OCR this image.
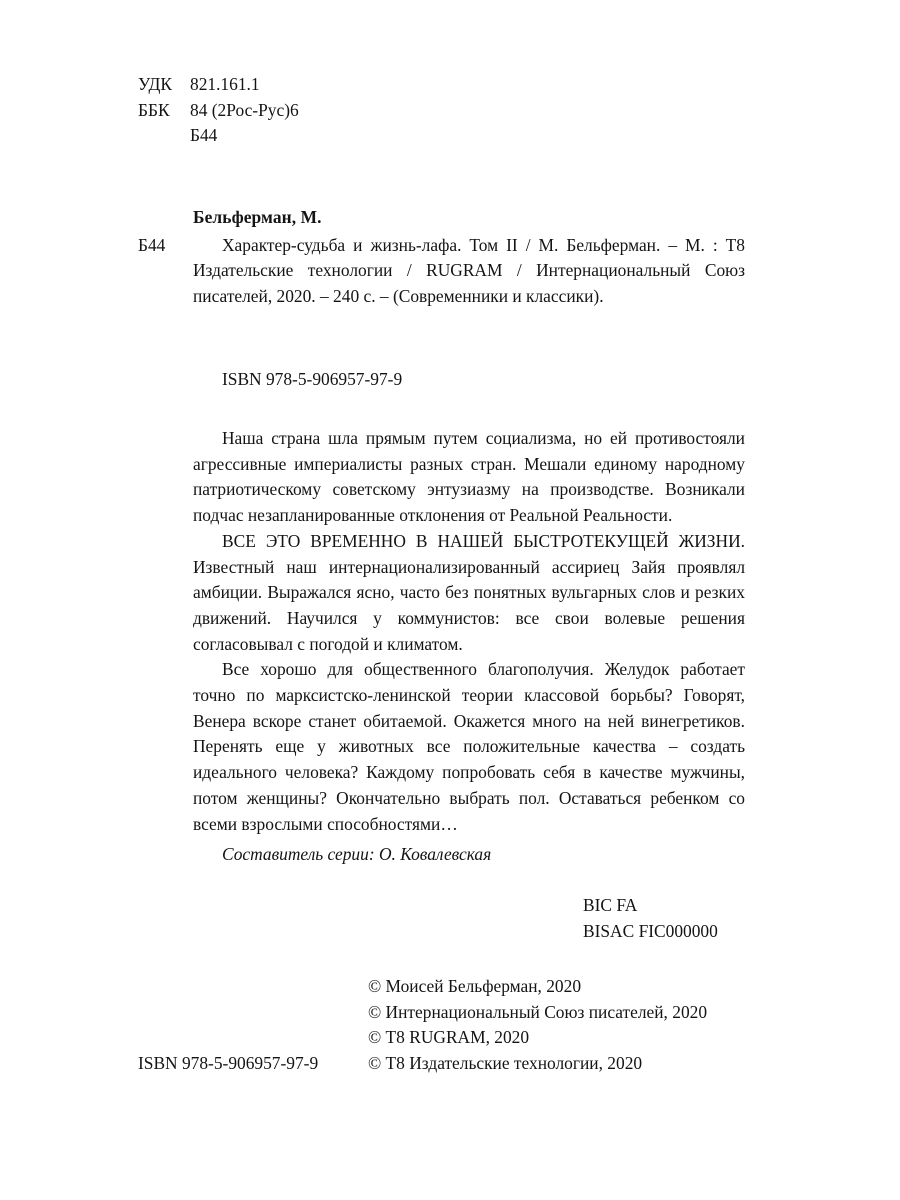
УДК	821.161.1
ББК	84 (2Рос-Рус)6
Б44
Бельферман, М.
Б44	Характер-судьба и жизнь-лафа. Том II / М. Бельферман. – М. : Т8 Издательские технологии / RUGRAM / Интернациональный Союз писателей, 2020. – 240 с. – (Современники и классики).
ISBN 978-5-906957-97-9

Наша страна шла прямым путем социализма, но ей противостояли агрессивные империалисты разных стран. Мешали единому народному патриотическому советскому энтузиазму на производстве. Возникали подчас незапланированные отклонения от Реальной Реальности.

ВСЕ ЭТО ВРЕМЕННО В НАШЕЙ БЫСТРОТЕКУЩЕЙ ЖИЗНИ. Известный наш интернационализированный ассириец Зайя проявлял амбиции. Выражался ясно, часто без понятных вульгарных слов и резких движений. Научился у коммунистов: все свои волевые решения согласовывал с погодой и климатом.

Все хорошо для общественного благополучия. Желудок работает точно по марксистско-ленинской теории классовой борьбы? Говорят, Венера вскоре станет обитаемой. Окажется много на ней винегретиков. Перенять еще у животных все положительные качества – создать идеального человека? Каждому попробовать себя в качестве мужчины, потом женщины? Окончательно выбрать пол. Оставаться ребенком со всеми взрослыми способностями…

Составитель серии: О. Ковалевская
BIC FA
BISAC FIC000000
© Моисей Бельферман, 2020
© Интернациональный Союз писателей, 2020
© Т8 RUGRAM, 2020
© Т8 Издательские технологии, 2020
ISBN 978-5-906957-97-9
